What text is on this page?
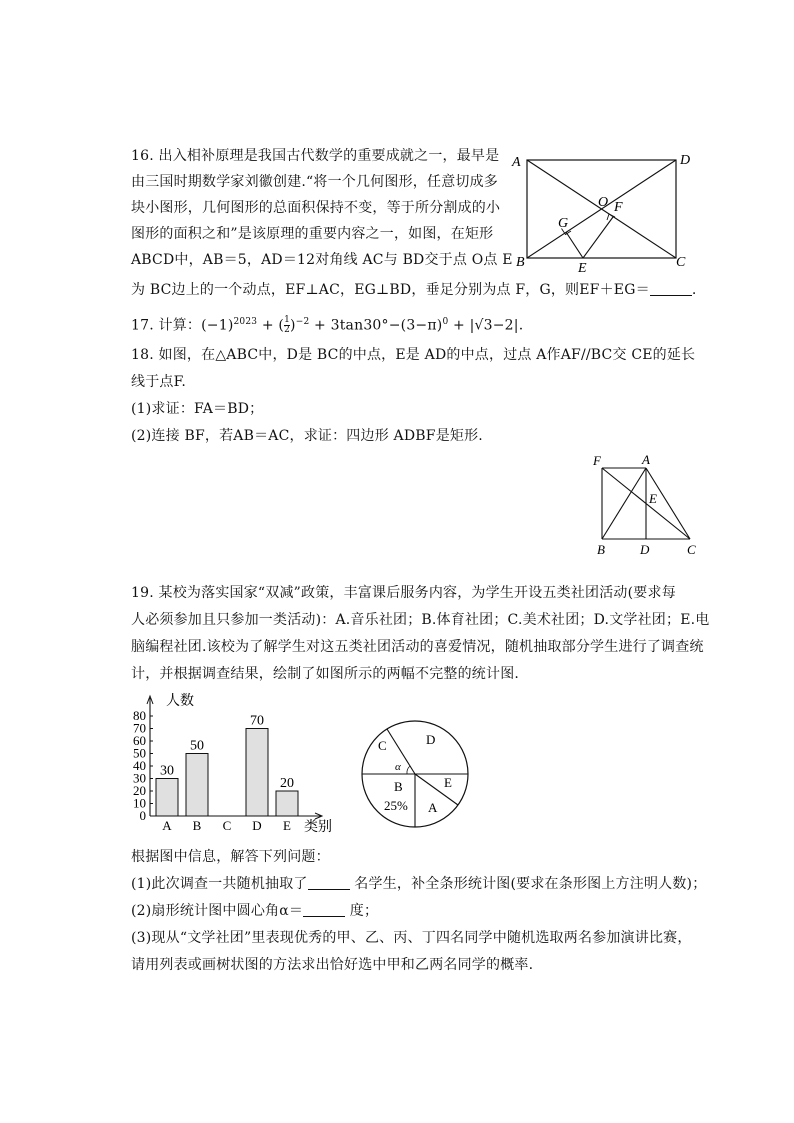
16. 出入相补原理是我国古代数学的重要成就之一，最早是
由三国时期数学家刘徽创建.“将一个几何图形，任意切成多
块小图形，几何图形的总面积保持不变，等于所分割成的小
图形的面积之和”是该原理的重要内容之一，如图，在矩形
ABCD中，AB＝5，AD＝12对角线 AC与 BD交于点 O点 E
为 BC边上的一个动点，EF⊥AC，EG⊥BD，垂足分别为点 F，G，则EF＋EG＝	.
A	D
O F
G
B	E	C
17. 计算：$(-1)^{2023}$ + ( $\frac{1}{2} )^{-2} + 3\tan 30^\circ-(3-\pi)^0 + |√3-2|$.
18. 如图，在△ABC中，D是 BC的中点，E是 AD的中点，过点 A作AF//BC交 CE的延长
线于点F.
(1)求证：FA＝BD；
(2)连接 BF，若AB＝AC，求证：四边形 ADBF是矩形.
F	A
E
B	D	C
19. 某校为落实国家“双减”政策，丰富课后服务内容，为学生开设五类社团活动(要求每
人必须参加且只参加一类活动)：A.音乐社团；B.体育社团；C.美术社团；D.文学社团；E.电
脑编程社团.该校为了解学生对这五类社团活动的喜爱情况，随机抽取部分学生进行了调查统
计，并根据调查结果，绘制了如图所示的两幅不完整的统计图.
0
10
20
30
40
50
60
70
80
30
50
70
20
A B C D E
人数
类别
C	D
B	E
A
α
25%
根据图中信息，解答下列问题：
(1)此次调查一共随机抽取了	名学生，补全条形统计图(要求在条形图上方注明人数)；
(2)扇形统计图中圆心角α＝	度；
(3)现从“文学社团”里表现优秀的甲、乙、丙、丁四名同学中随机选取两名参加演讲比赛，
请用列表或画树状图的方法求出恰好选中甲和乙两名同学的概率.
